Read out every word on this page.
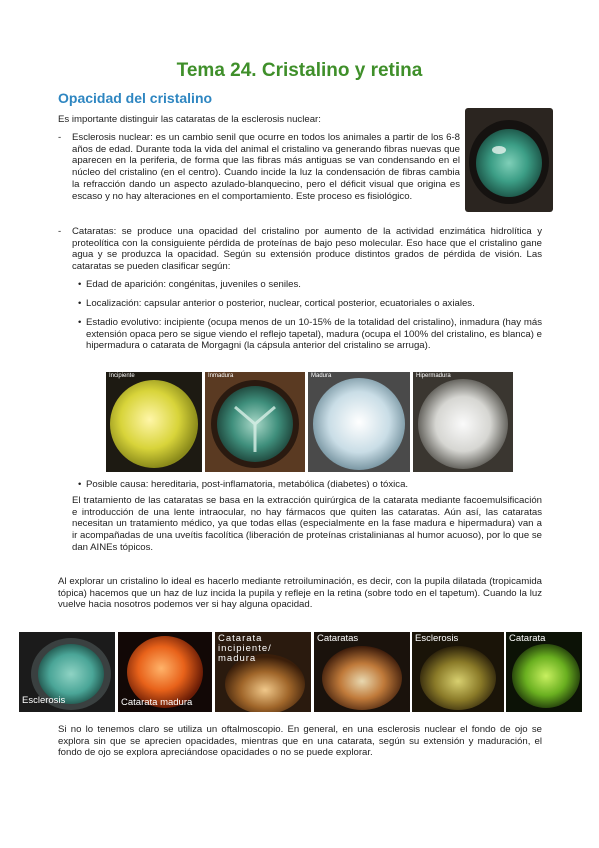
Tema 24. Cristalino y retina
Opacidad del cristalino

Es importante distinguir las cataratas de la esclerosis nuclear:

- Esclerosis nuclear: es un cambio senil que ocurre en todos los animales a partir de los 6-8 años de edad. Durante toda la vida del animal el cristalino va generando fibras nuevas que aparecen en la periferia, de forma que las fibras más antiguas se van condensando en el núcleo del cristalino (en el centro). Cuando incide la luz la condensación de fibras cambia la refracción dando un aspecto azulado-blanquecino, pero el déficit visual que origina es escaso y no hay alteraciones en el comportamiento. Este proceso es fisiológico.

- Cataratas: se produce una opacidad del cristalino por aumento de la actividad enzimática hidrolítica y proteolítica con la consiguiente pérdida de proteínas de bajo peso molecular. Eso hace que el cristalino gane agua y se produzca la opacidad. Según su extensión produce distintos grados de pérdida de visión. Las cataratas se pueden clasificar según:

• Edad de aparición: congénitas, juveniles o seniles.

• Localización: capsular anterior o posterior, nuclear, cortical posterior, ecuatoriales o axiales.

• Estadio evolutivo: incipiente (ocupa menos de un 10-15% de la totalidad del cristalino), inmadura (hay más extensión opaca pero se sigue viendo el reflejo tapetal), madura (ocupa el 100% del cristalino, es blanca) e hipermadura o catarata de Morgagni (la cápsula anterior del cristalino se arruga).

Incipiente	Inmadura	Madura	Hipermadura
• Posible causa: hereditaria, post-inflamatoria, metabólica (diabetes) o tóxica.

El tratamiento de las cataratas se basa en la extracción quirúrgica de la catarata mediante facoemulsificación e introducción de una lente intraocular, no hay fármacos que quiten las cataratas. Aún así, las cataratas necesitan un tratamiento médico, ya que todas ellas (especialmente en la fase madura e hipermadura) van a ir acompañadas de una uveítis facolítica (liberación de proteínas cristalinianas al humor acuoso), por lo que se dan AINEs tópicos.

Al explorar un cristalino lo ideal es hacerlo mediante retroiluminación, es decir, con la pupila dilatada (tropicamida tópica) hacemos que un haz de luz incida la pupila y refleje en la retina (sobre todo en el tapetum). Cuando la luz vuelve hacia nosotros podemos ver si hay alguna opacidad.

Esclerosis	Catarata madura
Catarata incipiente/ madura
Cataratas	Esclerosis	Catarata

Si no lo tenemos claro se utiliza un oftalmoscopio. En general, en una esclerosis nuclear el fondo de ojo se explora sin que se aprecien opacidades, mientras que en una catarata, según su extensión y maduración, el fondo de ojo se explora apreciándose opacidades o no se puede explorar.
